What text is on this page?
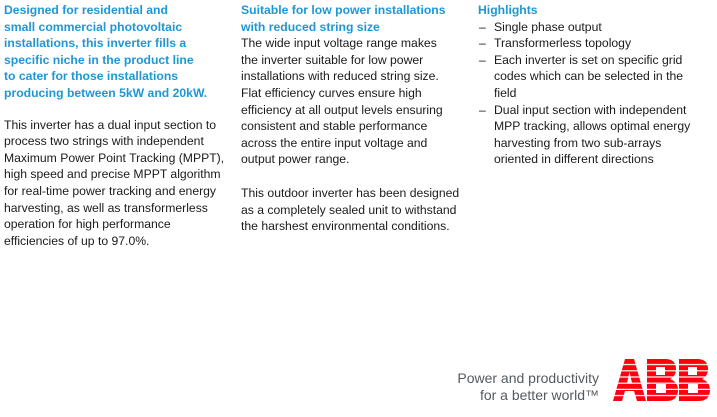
Designed for residential and
small commercial photovoltaic
installations, this inverter fills a
specific niche in the product line
to cater for those installations
producing between 5kW and 20kW.
This inverter has a dual input section to
process two strings with independent
Maximum Power Point Tracking (MPPT),
high speed and precise MPPT algorithm
for real-time power tracking and energy
harvesting, as well as transformerless
operation for high performance
efficiencies of up to 97.0%.
Suitable for low power installations
with reduced string size
The wide input voltage range makes
the inverter suitable for low power
installations with reduced string size.
Flat efficiency curves ensure high
efficiency at all output levels ensuring
consistent and stable performance
across the entire input voltage and
output power range.
This outdoor inverter has been designed
as a completely sealed unit to withstand
the harshest environmental conditions.
Highlights
– Single phase output
– Transformerless topology
– Each inverter is set on specific grid
codes which can be selected in the
field
– Dual input section with independent
MPP tracking, allows optimal energy
harvesting from two sub-arrays
oriented in different directions
Power and productivity
for a better world™
